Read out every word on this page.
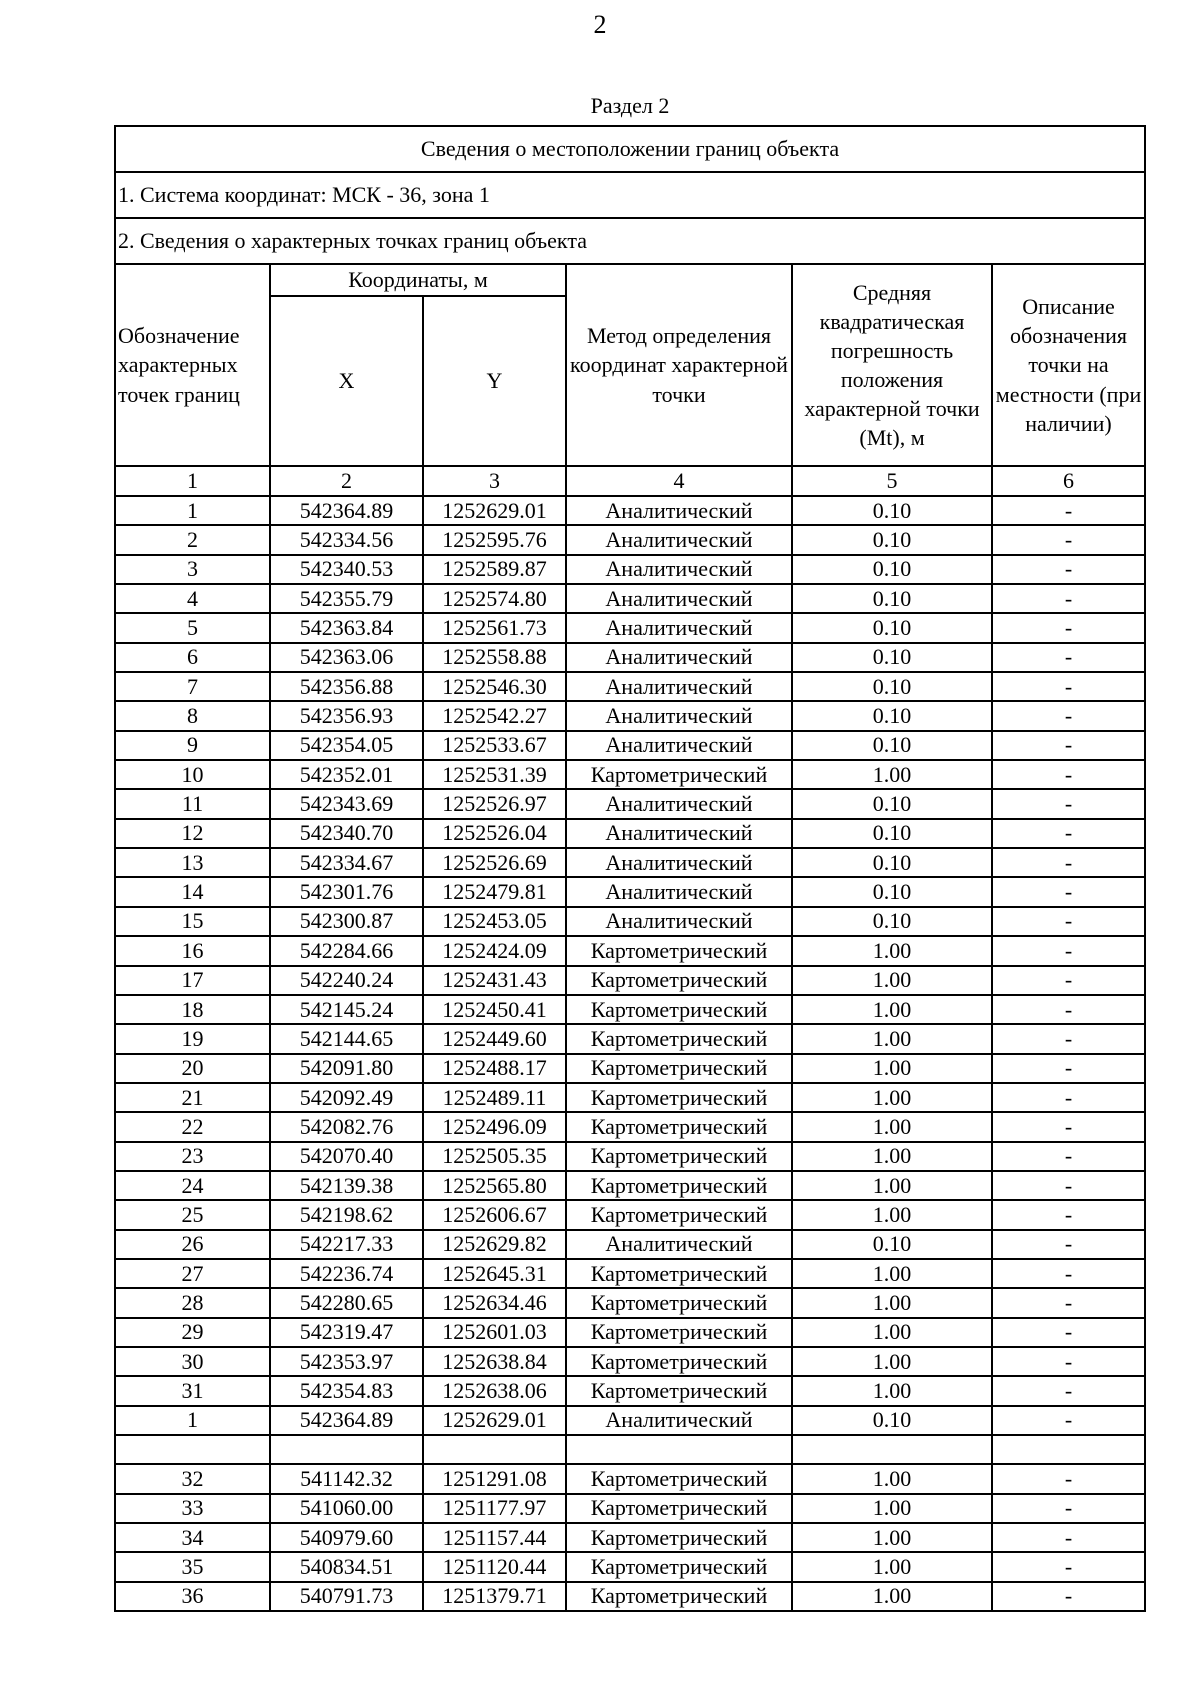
2
Раздел 2
Сведения о местоположении границ объекта					
1. Система координат: МСК - 36, зона 1					
2. Сведения о характерных точках границ объекта					
Обозначение характерных точек границ	Координаты, м		Метод определения координат характерной точки	Средняя квадратическая погрешность положения характерной точки (Mt), м	Описание обозначения точки на местности (при наличии)
	X	Y			
1	2	3	4	5	6
1	542364.89	1252629.01	Аналитический	0.10	-
2	542334.56	1252595.76	Аналитический	0.10	-
3	542340.53	1252589.87	Аналитический	0.10	-
4	542355.79	1252574.80	Аналитический	0.10	-
5	542363.84	1252561.73	Аналитический	0.10	-
6	542363.06	1252558.88	Аналитический	0.10	-
7	542356.88	1252546.30	Аналитический	0.10	-
8	542356.93	1252542.27	Аналитический	0.10	-
9	542354.05	1252533.67	Аналитический	0.10	-
10	542352.01	1252531.39	Картометрический	1.00	-
11	542343.69	1252526.97	Аналитический	0.10	-
12	542340.70	1252526.04	Аналитический	0.10	-
13	542334.67	1252526.69	Аналитический	0.10	-
14	542301.76	1252479.81	Аналитический	0.10	-
15	542300.87	1252453.05	Аналитический	0.10	-
16	542284.66	1252424.09	Картометрический	1.00	-
17	542240.24	1252431.43	Картометрический	1.00	-
18	542145.24	1252450.41	Картометрический	1.00	-
19	542144.65	1252449.60	Картометрический	1.00	-
20	542091.80	1252488.17	Картометрический	1.00	-
21	542092.49	1252489.11	Картометрический	1.00	-
22	542082.76	1252496.09	Картометрический	1.00	-
23	542070.40	1252505.35	Картометрический	1.00	-
24	542139.38	1252565.80	Картометрический	1.00	-
25	542198.62	1252606.67	Картометрический	1.00	-
26	542217.33	1252629.82	Аналитический	0.10	-
27	542236.74	1252645.31	Картометрический	1.00	-
28	542280.65	1252634.46	Картометрический	1.00	-
29	542319.47	1252601.03	Картометрический	1.00	-
30	542353.97	1252638.84	Картометрический	1.00	-
31	542354.83	1252638.06	Картометрический	1.00	-
1	542364.89	1252629.01	Аналитический	0.10	-

32	541142.32	1251291.08	Картометрический	1.00	-
33	541060.00	1251177.97	Картометрический	1.00	-
34	540979.60	1251157.44	Картометрический	1.00	-
35	540834.51	1251120.44	Картометрический	1.00	-
36	540791.73	1251379.71	Картометрический	1.00	-
